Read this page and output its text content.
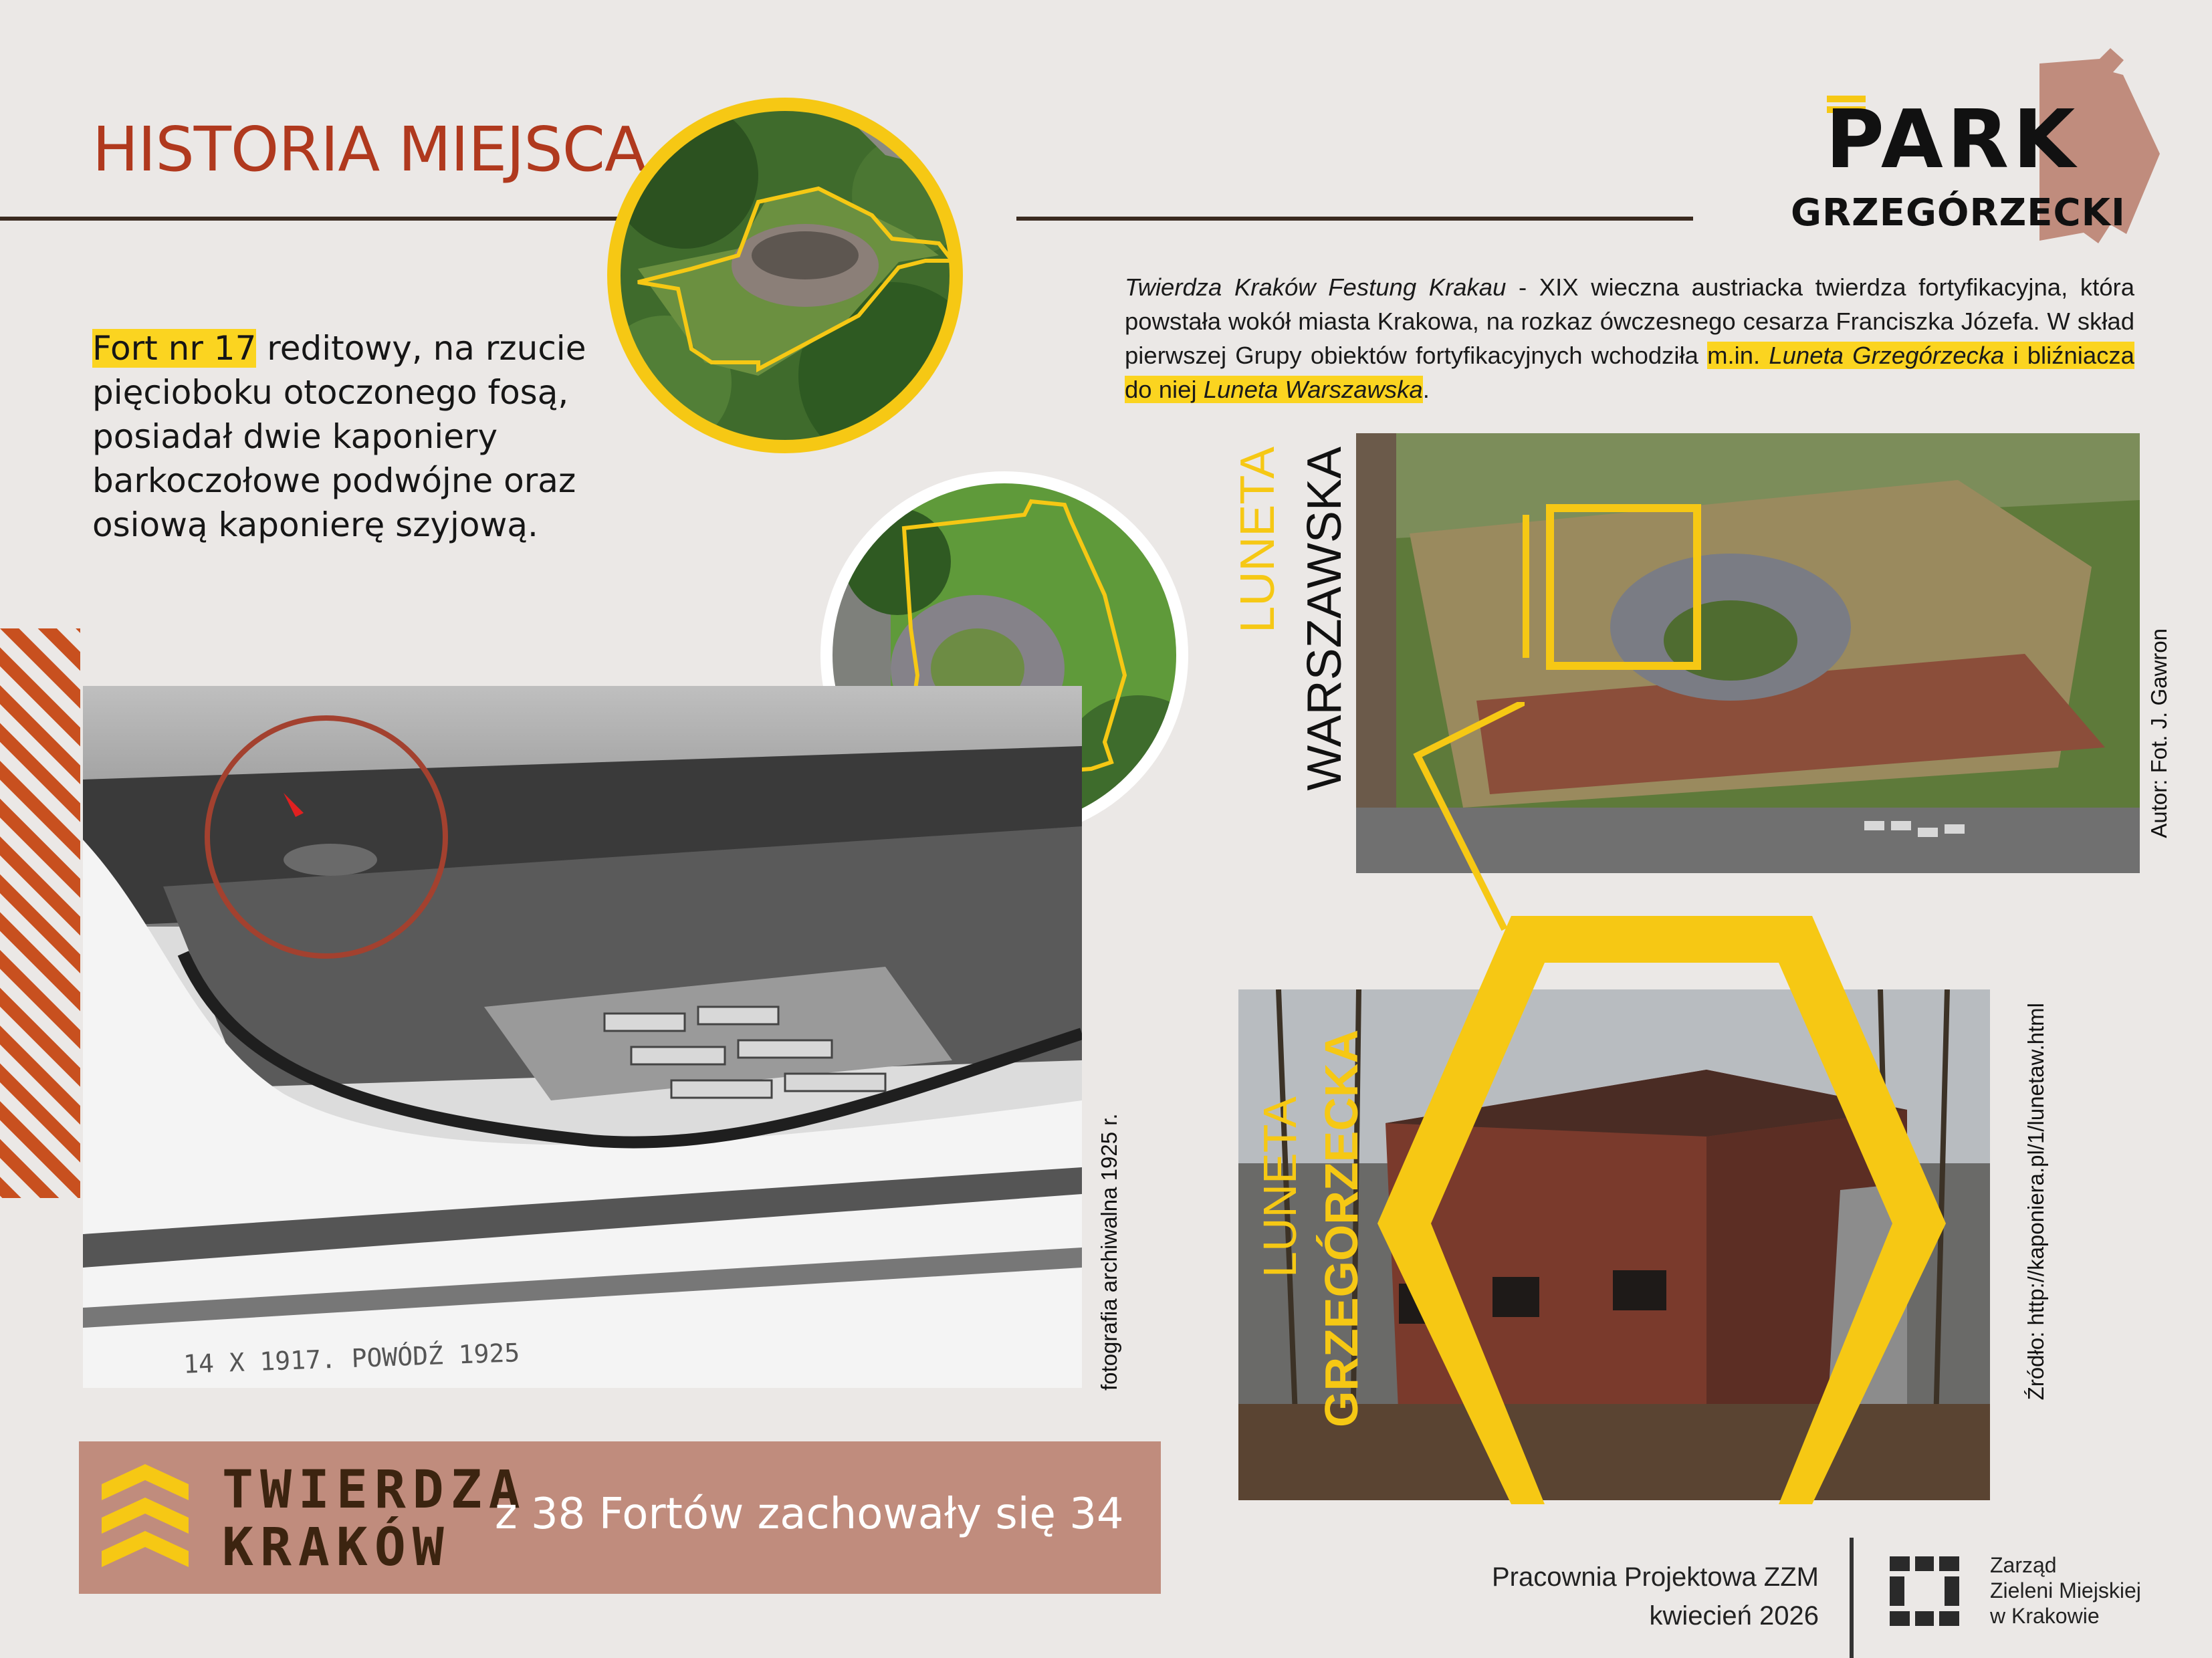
HISTORIA MIEJSCA	PARK
GRZEGÓRZECKI
Fort nr 17 reditowy, na rzucie pięcioboku otoczonego fosą, posiadał dwie kaponiery barkoczołowe podwójne oraz osiową kaponierę szyjową.
Twierdza Kraków Festung Krakau - XIX wieczna austriacka twierdza fortyfikacyjna, która powstała wokół miasta Krakowa, na rozkaz ówczesnego cesarza Franciszka Józefa. W skład pierwszej Grupy obiektów fortyfikacyjnych wchodziła m.in. Luneta Grzegórzecka i bliźniacza do niej Luneta Warszawska.
14 X 1917. POWÓDŹ 1925	fotografia archiwalna 1925 r.
LUNETA WARSZAWSKA	Autor: Fot. J. Gawron
LUNETA GRZEGÓRZECKA	Źródło: http://kaponiera.pl/1/lunetaw.html
TWIERDZA
KRAKÓW
z 38 Fortów zachowały się 34
Pracownia Projektowa ZZM
kwiecień 2026
Zarząd
Zieleni Miejskiej
w Krakowie
